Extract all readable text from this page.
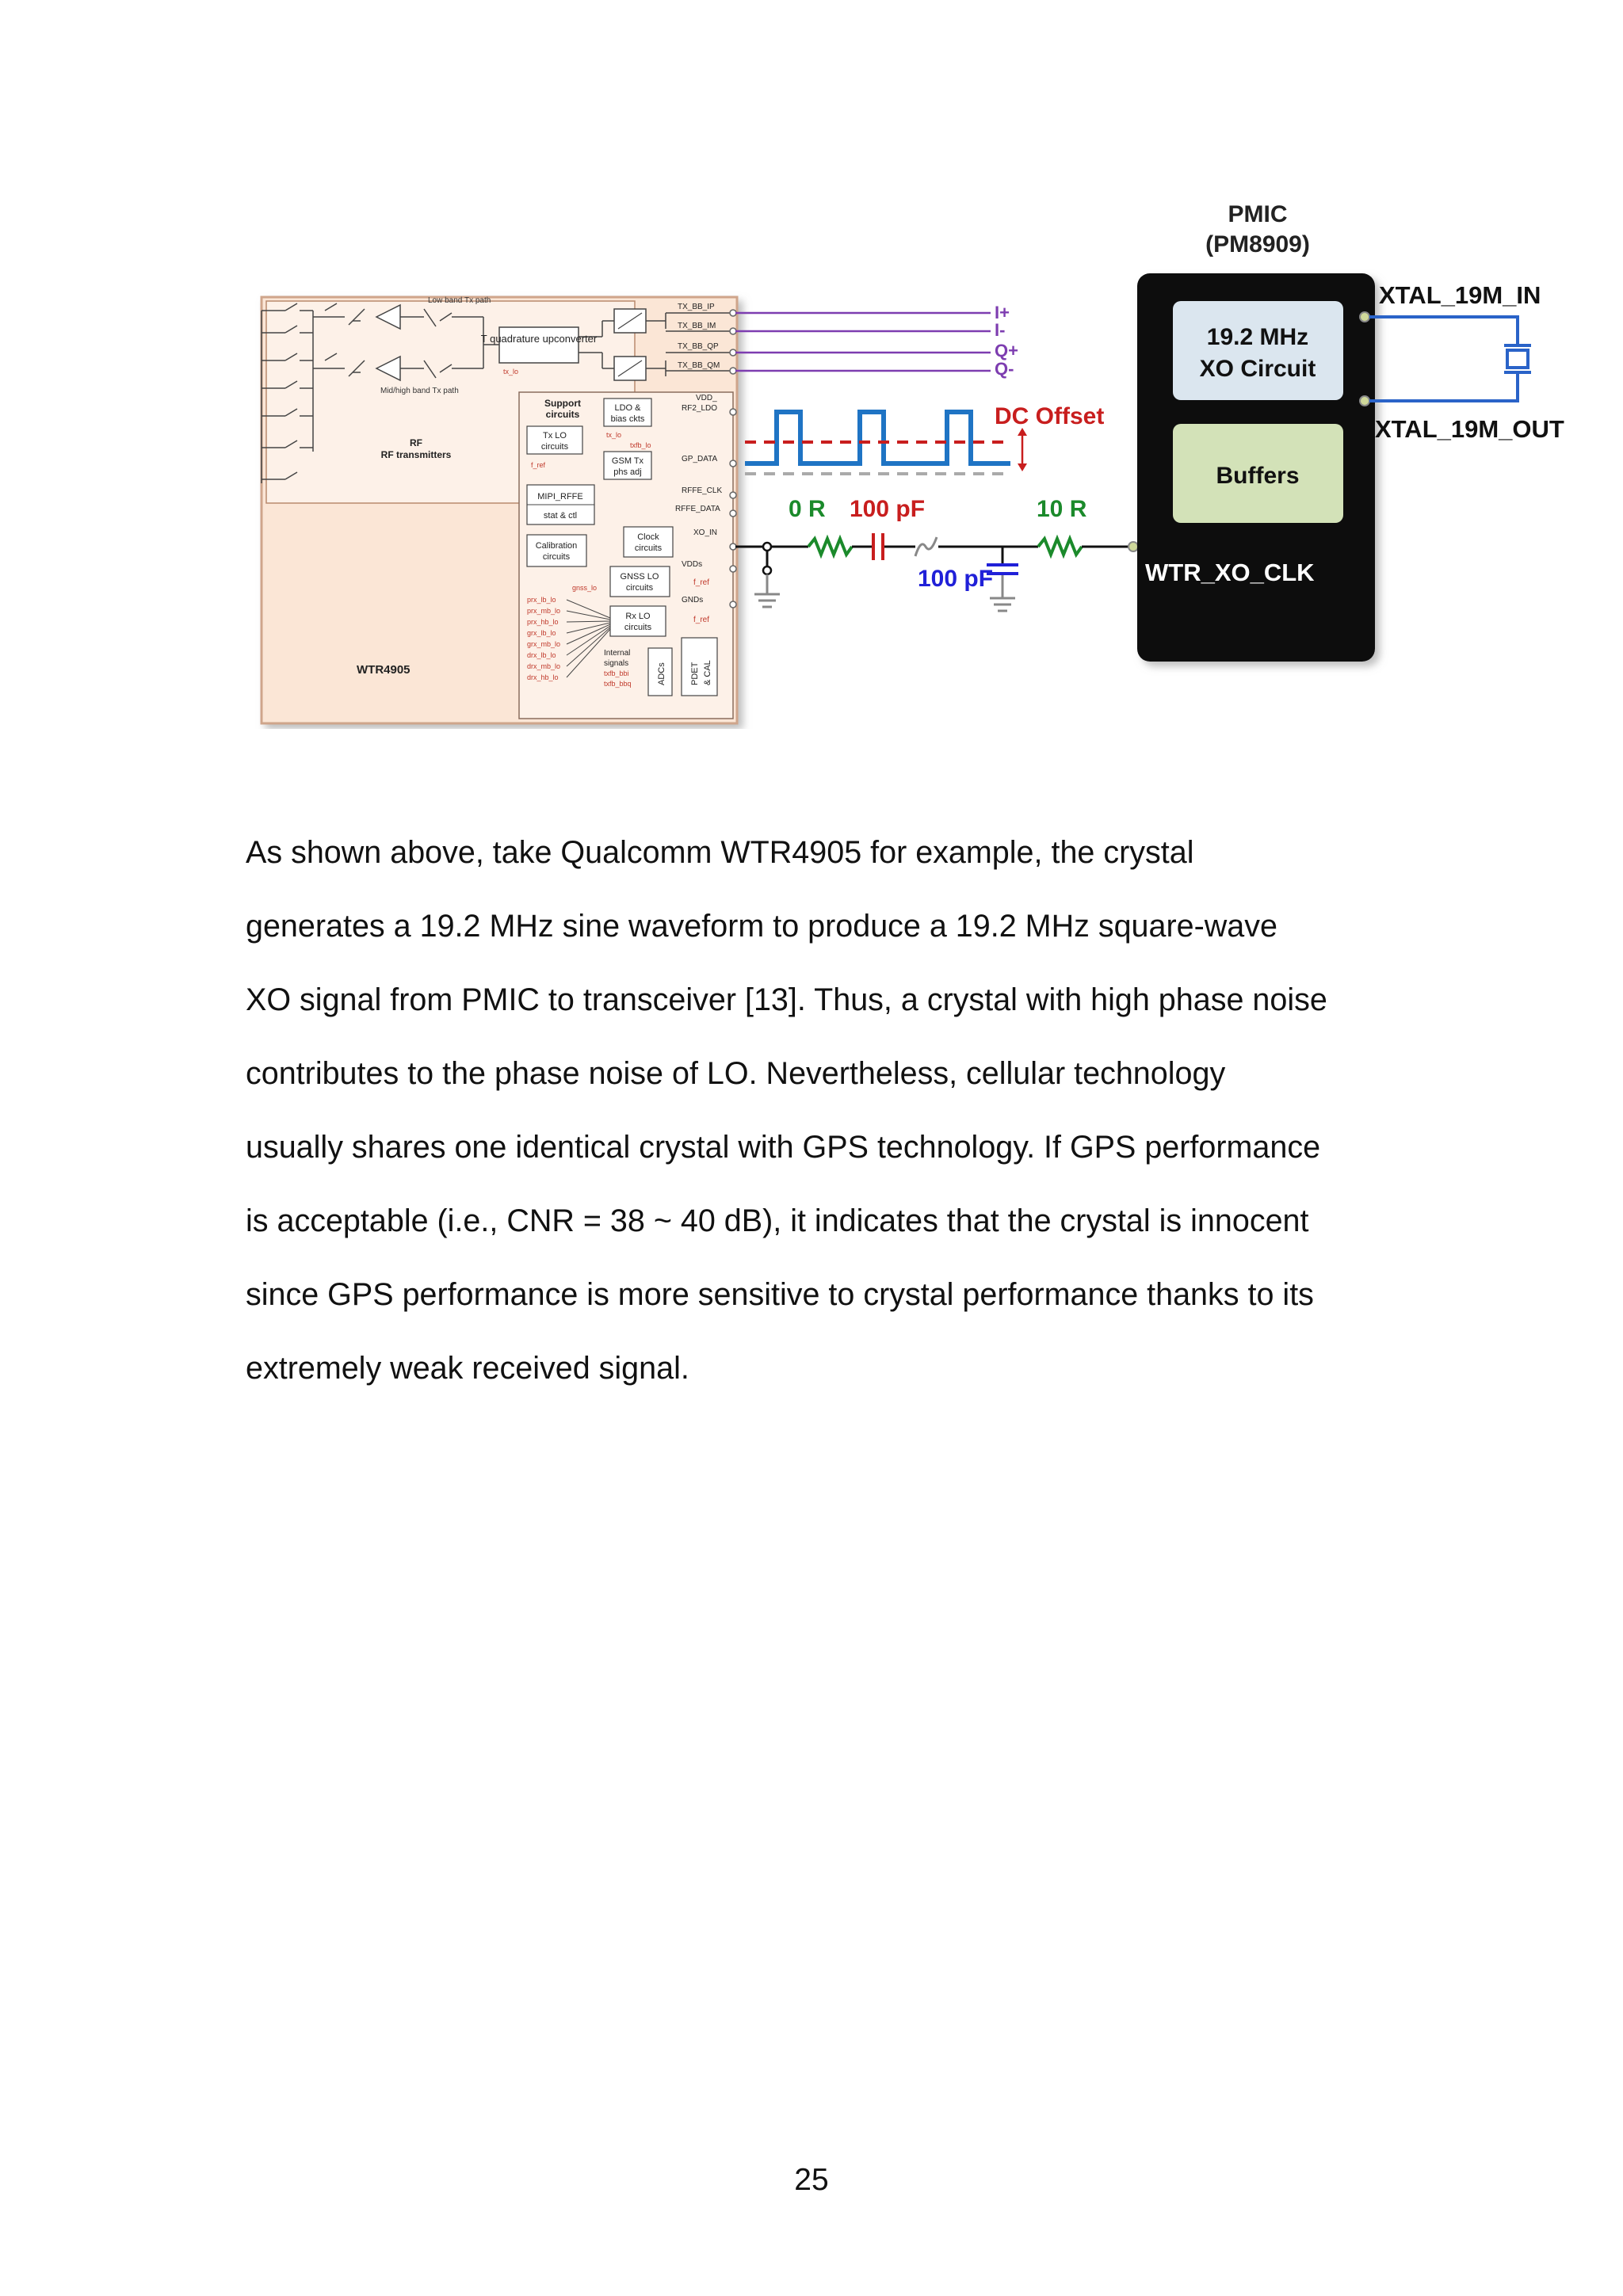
T quadrature upconverter
Low band Tx path
Mid/high band Tx path
tx_lo
RF
RF transmitters
WTR4905
Support
circuits
Tx LO
circuits
f_ref
LDO &
bias ckts
tx_lo
txfb_lo
GSM Tx
phs adj
MIPI_RFFE
stat & ctl
Calibration
circuits
Clock
circuits
GNSS LO
circuits
gnss_lo
Rx LO
circuits
prx_lb_lo
prx_mb_lo
prx_hb_lo
grx_lb_lo
grx_mb_lo
drx_lb_lo
drx_mb_lo
drx_hb_lo
Internal
signals
txfb_bbi
txfb_bbq	ADCs	PDET & CAL
TX_BB_IP
TX_BB_IM
TX_BB_QP
TX_BB_QM
VDD_
RF2_LDO
GP_DATA
RFFE_CLK
RFFE_DATA
XO_IN
VDDs
GNDs
f_ref
f_ref
I+
I-
Q+
Q-
DC Offset
0 R 100 pF	10 R
100 pF
PMIC
(PM8909)
19.2 MHz
XO Circuit
Buffers
WTR_XO_CLK
XTAL_19M_IN
XTAL_19M_OUT

As shown above, take Qualcomm WTR4905 for example, the crystal

generates a 19.2 MHz sine waveform to produce a 19.2 MHz square-wave

XO signal from PMIC to transceiver [13]. Thus, a crystal with high phase noise

contributes to the phase noise of LO. Nevertheless, cellular technology

usually shares one identical crystal with GPS technology. If GPS performance

is acceptable (i.e., CNR = 38 ~ 40 dB), it indicates that the crystal is innocent

since GPS performance is more sensitive to crystal performance thanks to its

extremely weak received signal.

25
